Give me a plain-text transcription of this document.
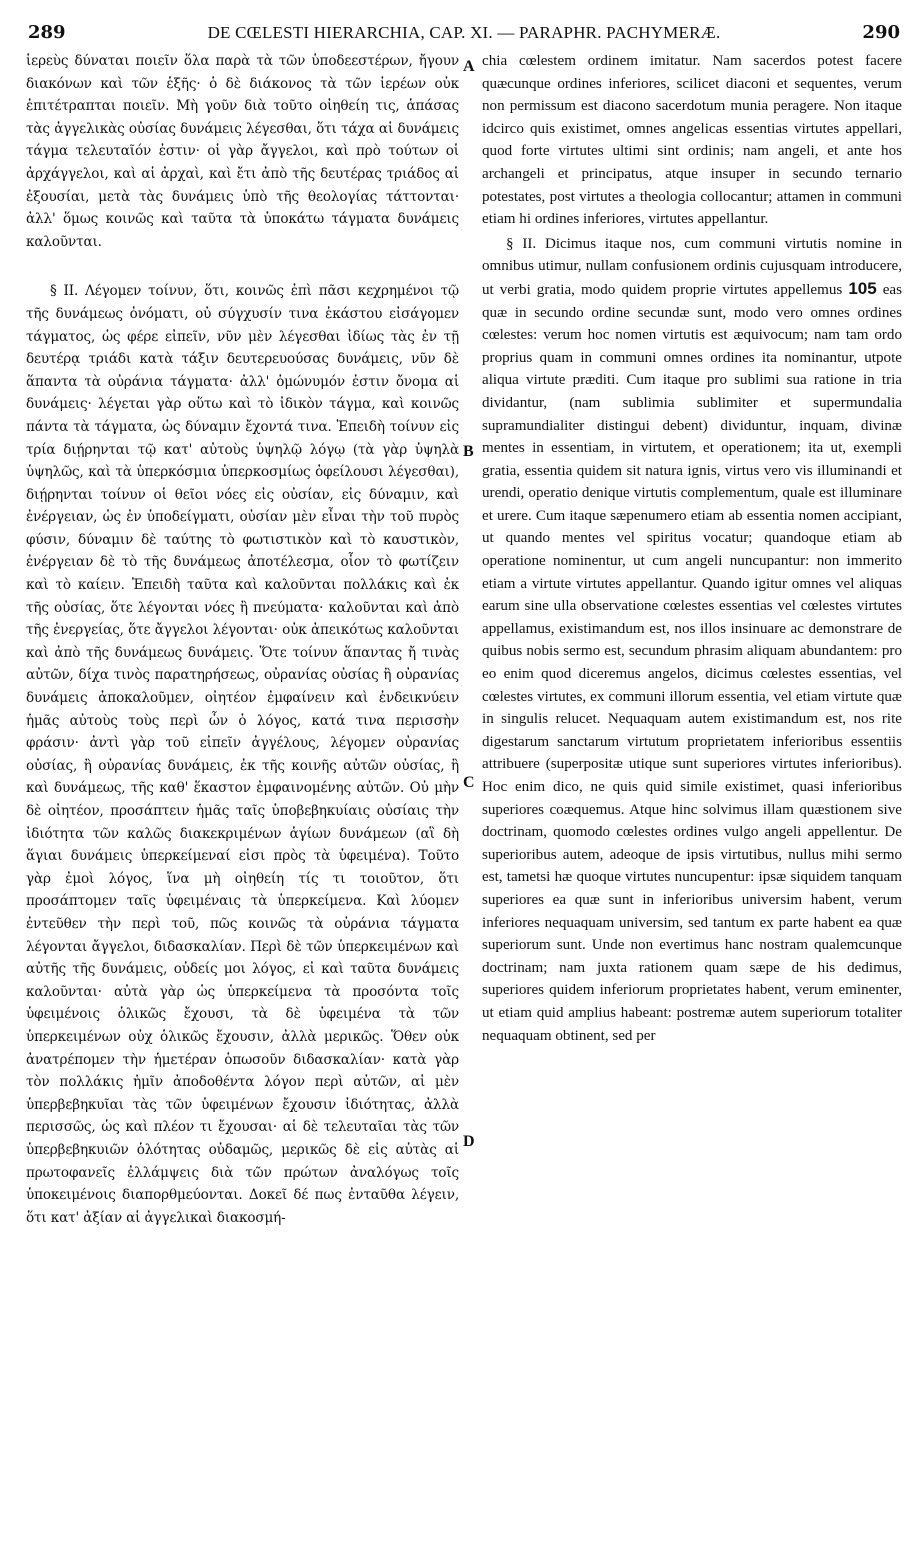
289	DE CŒLESTI HIERARCHIA, CAP. XI. — PARAPHR. PACHYMERÆ.	290

ἱερεὺς δύναται ποιεῖν ὅλα παρὰ τὰ τῶν ὑποδεεστέρων, ἤγουν διακόνων καὶ τῶν ἑξῆς· ὁ δὲ διάκονος τὰ τῶν ἱερέων οὐκ ἐπιτέτραπται ποιεῖν. Μὴ γοῦν διὰ τοῦτο οἰηθείη τις, ἁπάσας τὰς ἀγγελικὰς οὐσίας δυνάμεις λέγεσθαι, ὅτι τάχα αἱ δυνάμεις τάγμα τελευταῖόν ἐστιν· οἱ γὰρ ἄγγελοι, καὶ πρὸ τούτων οἱ ἀρχάγγελοι, καὶ αἱ ἀρχαὶ, καὶ ἔτι ἀπὸ τῆς δευτέρας τριάδος αἱ ἐξουσίαι, μετὰ τὰς δυνάμεις ὑπὸ τῆς θεολογίας τάττονται· ἀλλ' ὅμως κοινῶς καὶ ταῦτα τὰ ὑποκάτω τάγματα δυνάμεις καλοῦνται.

§ II. Λέγομεν τοίνυν, ὅτι, κοινῶς ἐπὶ πᾶσι κεχρημένοι τῷ τῆς δυνάμεως ὀνόματι, οὐ σύγχυσίν τινα ἑκάστου εἰσάγομεν τάγματος, ὡς φέρε εἰπεῖν, νῦν μὲν λέγεσθαι ἰδίως τὰς ἐν τῇ δευτέρᾳ τριάδι κατὰ τάξιν δευτερευούσας δυνάμεις, νῦν δὲ ἅπαντα τὰ οὐράνια τάγματα· ἀλλ' ὁμώνυμόν ἐστιν ὄνομα αἱ δυνάμεις· λέγεται γὰρ οὕτω καὶ τὸ ἰδικὸν τάγμα, καὶ κοινῶς πάντα τὰ τάγματα, ὡς δύναμιν ἔχοντά τινα. Ἐπειδὴ τοίνυν εἰς τρία διῄρηνται τῷ κατ' αὐτοὺς ὑψηλῷ λόγῳ (τὰ γὰρ ὑψηλὰ ὑψηλῶς, καὶ τὰ ὑπερκόσμια ὑπερκοσμίως ὀφείλουσι λέγεσθαι), διῄρηνται τοίνυν οἱ θεῖοι νόες εἰς οὐσίαν, εἰς δύναμιν, καὶ ἐνέργειαν, ὡς ἐν ὑποδείγματι, οὐσίαν μὲν εἶναι τὴν τοῦ πυρὸς φύσιν, δύναμιν δὲ ταύτης τὸ φωτιστικὸν καὶ τὸ καυστικὸν, ἐνέργειαν δὲ τὸ τῆς δυνάμεως ἀποτέλεσμα, οἷον τὸ φωτίζειν καὶ τὸ καίειν. Ἐπειδὴ ταῦτα καὶ καλοῦνται πολλάκις καὶ ἐκ τῆς οὐσίας, ὅτε λέγονται νόες ἢ πνεύματα· καλοῦνται καὶ ἀπὸ τῆς ἐνεργείας, ὅτε ἄγγελοι λέγονται· οὐκ ἀπεικότως καλοῦνται καὶ ἀπὸ τῆς δυνάμεως δυνάμεις. Ὅτε τοίνυν ἅπαντας ἤ τινὰς αὐτῶν, δίχα τινὸς παρατηρήσεως, οὐρανίας οὐσίας ἢ οὐρανίας δυνάμεις ἀποκαλοῦμεν, οἰητέον ἐμφαίνειν καὶ ἐνδεικνύειν ἡμᾶς αὐτοὺς τοὺς περὶ ὧν ὁ λόγος, κατά τινα περισσὴν φράσιν· ἀντὶ γὰρ τοῦ εἰπεῖν ἀγγέλους, λέγομεν οὐρανίας οὐσίας, ἢ οὐρανίας δυνάμεις, ἐκ τῆς κοινῆς αὐτῶν οὐσίας, ἢ καὶ δυνάμεως, τῆς καθ' ἕκαστον ἐμφαινομένης αὐτῶν. Οὐ μὴν δὲ οἰητέον, προσάπτειν ἡμᾶς ταῖς ὑποβεβηκυίαις οὐσίαις τὴν ἰδιότητα τῶν καλῶς διακεκριμένων ἁγίων δυνάμεων (αἳ δὴ ἅγιαι δυνάμεις ὑπερκείμεναί εἰσι πρὸς τὰ ὑφειμένα). Τοῦτο γὰρ ἐμοὶ λόγος, ἵνα μὴ οἰηθείη τίς τι τοιοῦτον, ὅτι προσάπτομεν ταῖς ὑφειμέναις τὰ ὑπερκείμενα. Καὶ λύομεν ἐντεῦθεν τὴν περὶ τοῦ, πῶς κοινῶς τὰ οὐράνια τάγματα λέγονται ἄγγελοι, διδασκαλίαν. Περὶ δὲ τῶν ὑπερκειμένων καὶ αὐτῆς τῆς δυνάμεις, οὐδείς μοι λόγος, εἰ καὶ ταῦτα δυνάμεις καλοῦνται· αὐτὰ γὰρ ὡς ὑπερκείμενα τὰ προσόντα τοῖς ὑφειμένοις ὁλικῶς ἔχουσι, τὰ δὲ ὑφειμένα τὰ τῶν ὑπερκειμένων οὐχ ὁλικῶς ἔχουσιν, ἀλλὰ μερικῶς. Ὅθεν οὐκ ἀνατρέπομεν τὴν ἡμετέραν ὁπωσοῦν διδασκαλίαν· κατὰ γὰρ τὸν πολλάκις ἡμῖν ἀποδοθέντα λόγον περὶ αὐτῶν, αἱ μὲν ὑπερβεβηκυῖαι τὰς τῶν ὑφειμένων ἔχουσιν ἰδιότητας, ἀλλὰ περισσῶς, ὡς καὶ πλέον τι ἔχουσαι· αἱ δὲ τελευταῖαι τὰς τῶν ὑπερβεβηκυιῶν ὁλότητας οὐδαμῶς, μερικῶς δὲ εἰς αὐτὰς αἱ πρωτοφανεῖς ἐλλάμψεις διὰ τῶν πρώτων ἀναλόγως τοῖς ὑποκειμένοις διαπορθμεύονται. Δοκεῖ δέ πως ἐνταῦθα λέγειν, ὅτι κατ' ἀξίαν αἱ ἀγγελικαὶ διακοσμή-

A
B
C
D

chia cœlestem ordinem imitatur. Nam sacerdos potest facere quæcunque ordines inferiores, scilicet diaconi et sequentes, verum non permissum est diacono sacerdotum munia peragere. Non itaque idcirco quis existimet, omnes angelicas essentias virtutes appellari, quod forte virtutes ultimi sint ordinis; nam angeli, et ante hos archangeli et principatus, atque insuper in secundo ternario potestates, post virtutes a theologia collocantur; attamen in communi etiam hi ordines inferiores, virtutes appellantur.

§ II. Dicimus itaque nos, cum communi virtutis nomine in omnibus utimur, nullam confusionem ordinis cujusquam introducere, ut verbi gratia, modo quidem proprie virtutes appellemus 105 eas quæ in secundo ordine secundæ sunt, modo vero omnes ordines cœlestes: verum hoc nomen virtutis est æquivocum; nam tam ordo proprius quam in communi omnes ordines ita nominantur, utpote aliqua virtute præditi. Cum itaque pro sublimi sua ratione in tria dividantur, (nam sublimia sublimiter et supermundalia supramundialiter distingui debent) dividuntur, inquam, divinæ mentes in essentiam, in virtutem, et operationem; ita ut, exempli gratia, essentia quidem sit natura ignis, virtus vero vis illuminandi et urendi, operatio denique virtutis complementum, quale est illuminare et urere. Cum itaque sæpenumero etiam ab essentia nomen accipiant, ut quando mentes vel spiritus vocatur; quandoque etiam ab operatione nominentur, ut cum angeli nuncupantur: non immerito etiam a virtute virtutes appellantur. Quando igitur omnes vel aliquas earum sine ulla observatione cœlestes essentias vel cœlestes virtutes appellamus, existimandum est, nos illos insinuare ac demonstrare de quibus nobis sermo est, secundum phrasim aliquam abundantem: pro eo enim quod diceremus angelos, dicimus cœlestes essentias, vel cœlestes virtutes, ex communi illorum essentia, vel etiam virtute quæ in singulis relucet. Nequaquam autem existimandum est, nos rite digestarum sanctarum virtutum proprietatem inferioribus essentiis attribuere (superpositæ utique sunt superiores virtutes inferioribus). Hoc enim dico, ne quis quid simile existimet, quasi inferioribus superiores coæquemus. Atque hinc solvimus illam quæstionem sive doctrinam, quomodo cœlestes ordines vulgo angeli appellentur. De superioribus autem, adeoque de ipsis virtutibus, nullus mihi sermo est, tametsi hæ quoque virtutes nuncupentur: ipsæ siquidem tanquam superiores ea quæ sunt in inferioribus universim habent, verum inferiores nequaquam universim, sed tantum ex parte habent ea quæ superiorum sunt. Unde non evertimus hanc nostram qualemcunque doctrinam; nam juxta rationem quam sæpe de his dedimus, superiores quidem inferiorum proprietates habent, verum eminenter, ut etiam quid amplius habeant: postremæ autem superiorum totaliter nequaquam obtinent, sed per
